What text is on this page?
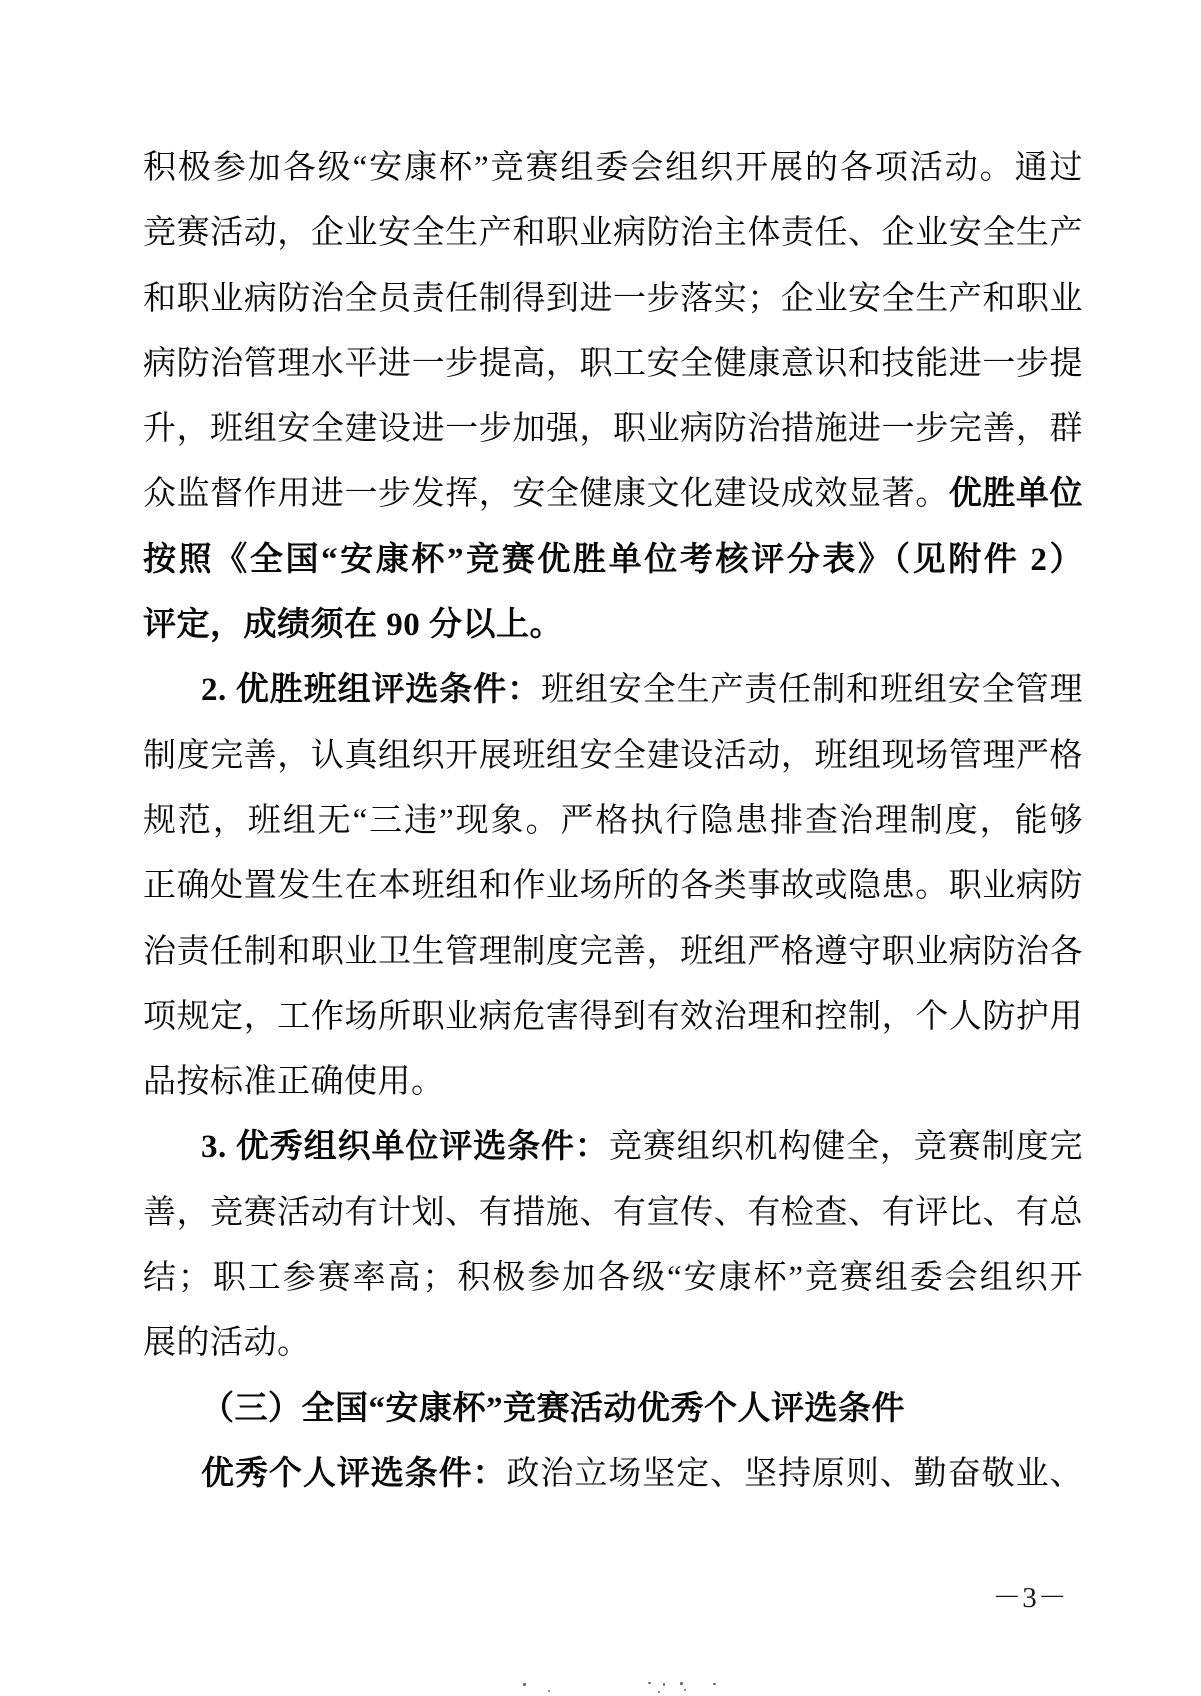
积极参加各级“安康杯”竞赛组委会组织开展的各项活动。通过
竞赛活动，企业安全生产和职业病防治主体责任、企业安全生产
和职业病防治全员责任制得到进一步落实；企业安全生产和职业
病防治管理水平进一步提高，职工安全健康意识和技能进一步提
升，班组安全建设进一步加强，职业病防治措施进一步完善，群
众监督作用进一步发挥，安全健康文化建设成效显著。优胜单位
按照《全国“安康杯”竞赛优胜单位考核评分表》（见附件 2）
评定，成绩须在 90 分以上。
2. 优胜班组评选条件：班组安全生产责任制和班组安全管理
制度完善，认真组织开展班组安全建设活动，班组现场管理严格
规范，班组无“三违”现象。严格执行隐患排查治理制度，能够
正确处置发生在本班组和作业场所的各类事故或隐患。职业病防
治责任制和职业卫生管理制度完善，班组严格遵守职业病防治各
项规定，工作场所职业病危害得到有效治理和控制，个人防护用
品按标准正确使用。
3. 优秀组织单位评选条件：竞赛组织机构健全，竞赛制度完
善，竞赛活动有计划、有措施、有宣传、有检查、有评比、有总
结；职工参赛率高；积极参加各级“安康杯”竞赛组委会组织开
展的活动。
（三）全国“安康杯”竞赛活动优秀个人评选条件
优秀个人评选条件：政治立场坚定、坚持原则、勤奋敬业、
－3－
